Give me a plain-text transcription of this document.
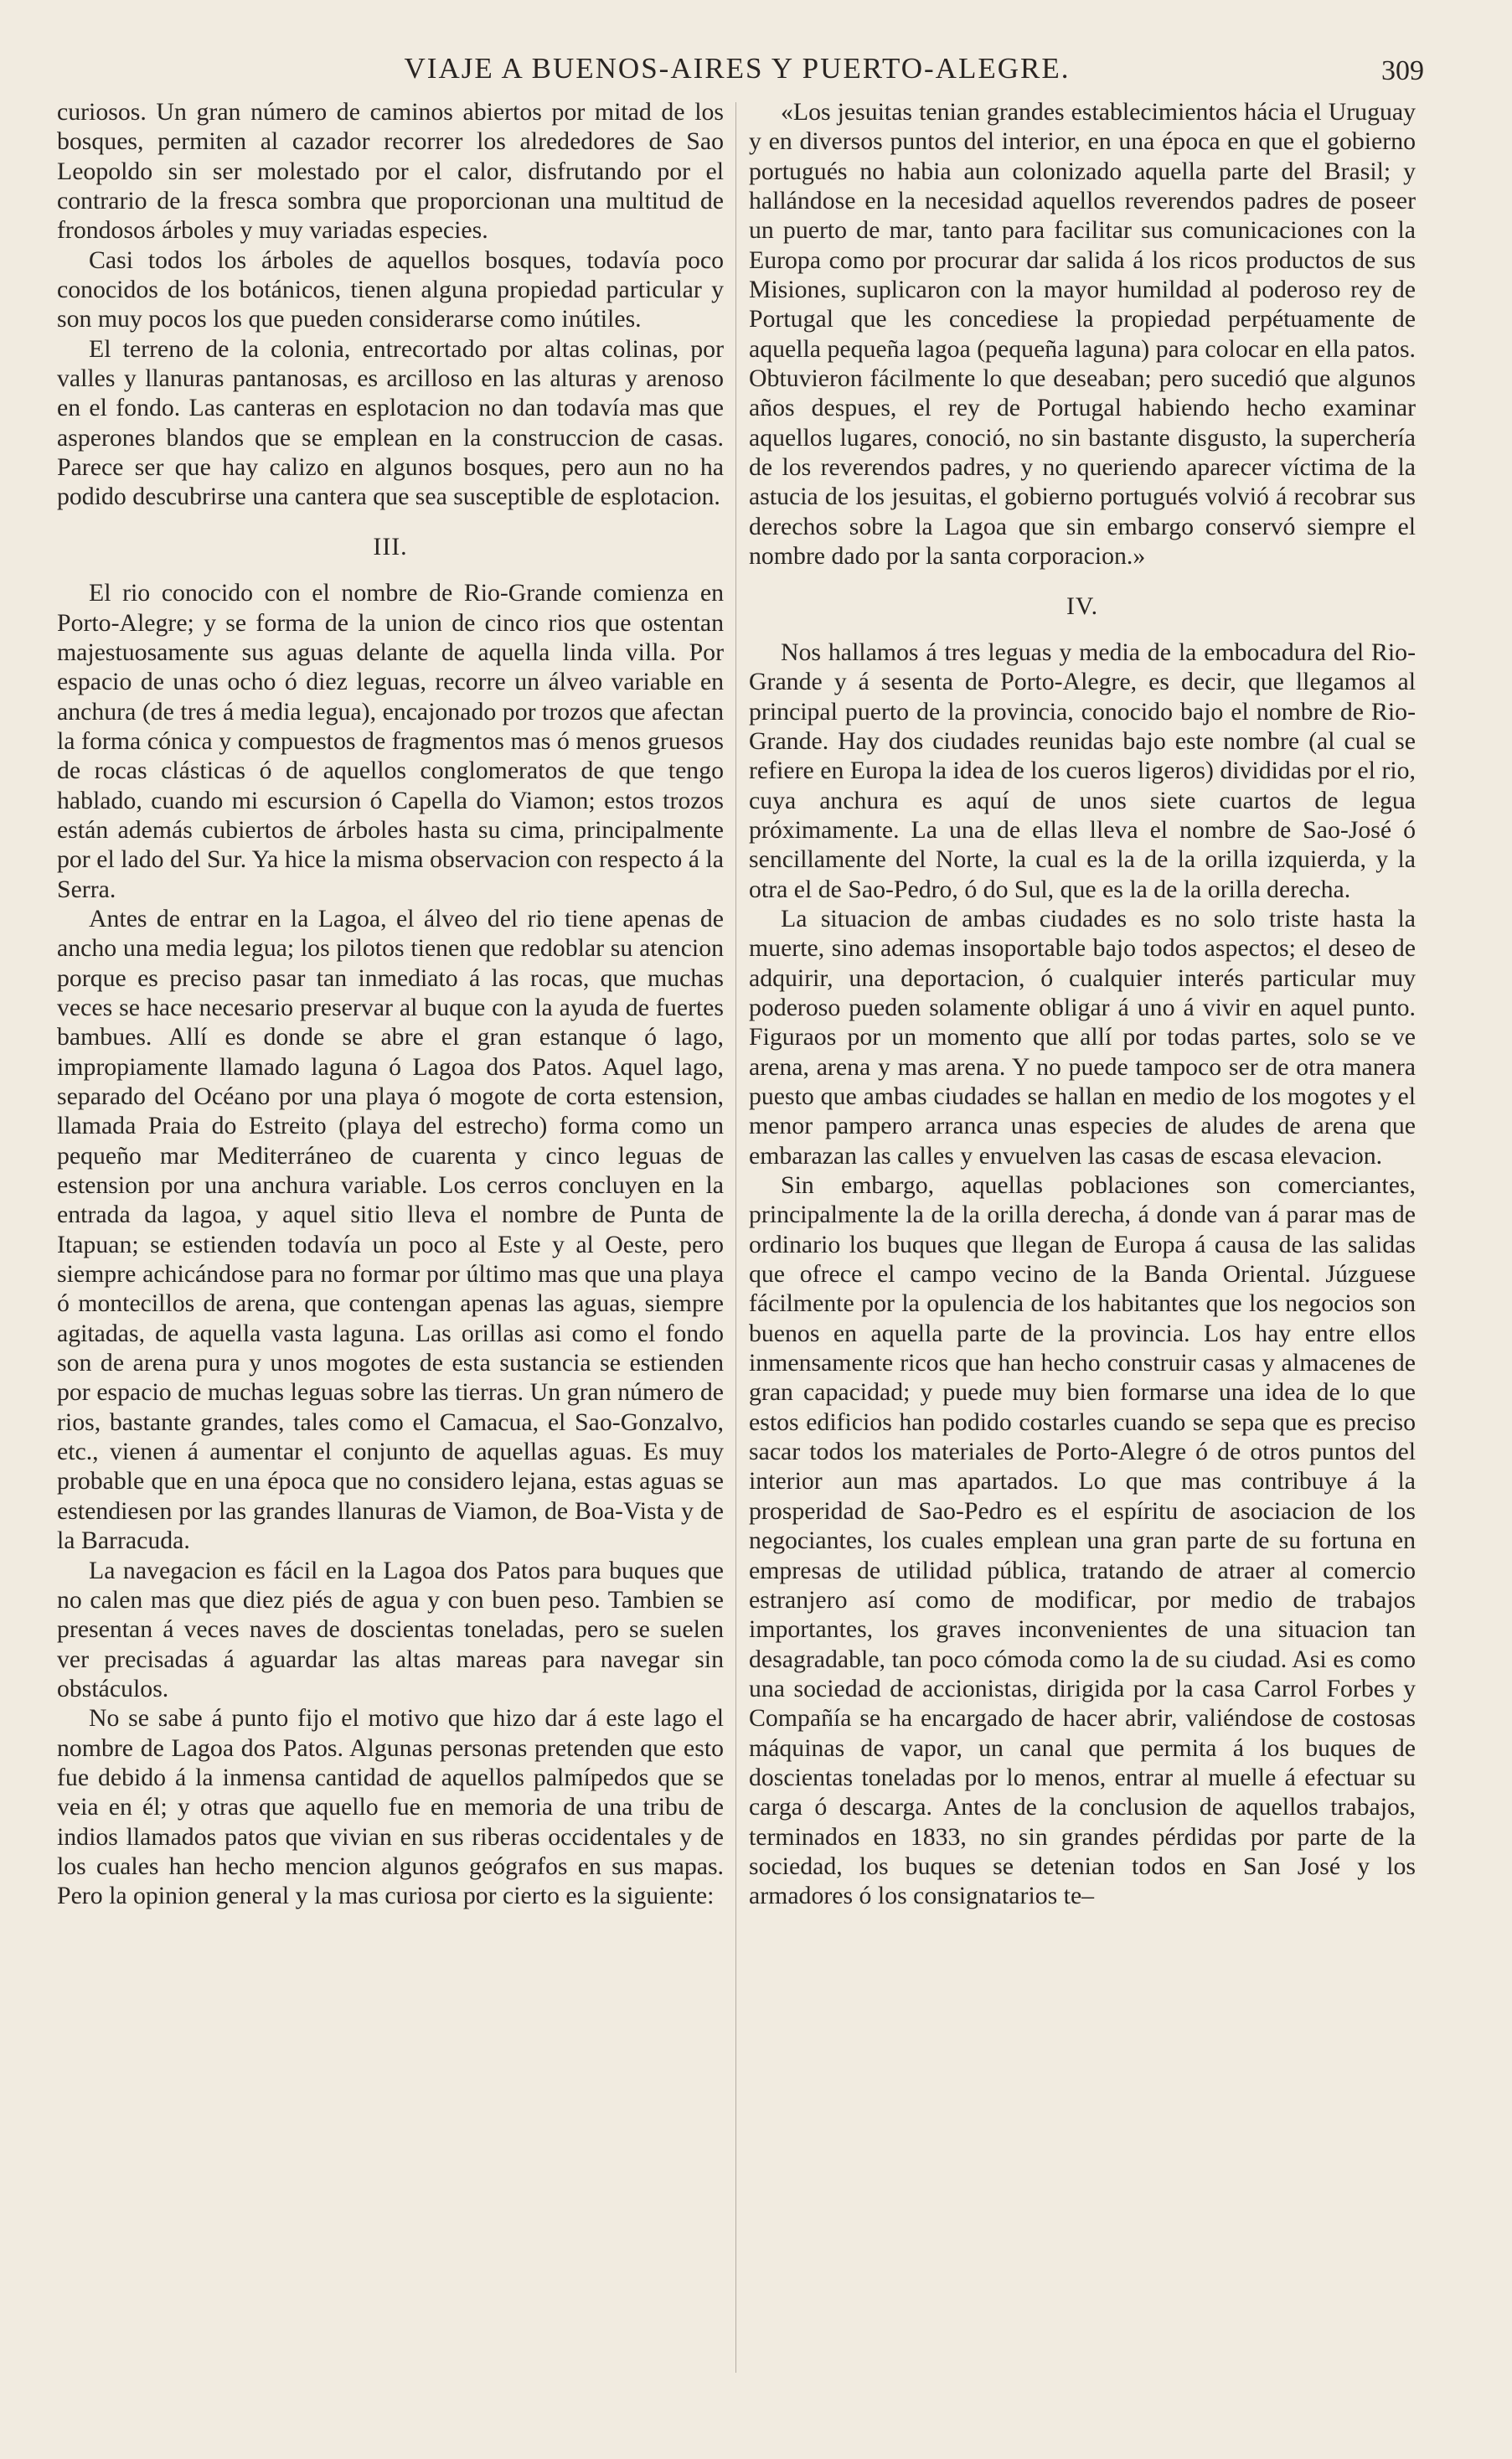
VIAJE A BUENOS-AIRES Y PUERTO-ALEGRE.	309

curiosos. Un gran número de caminos abiertos por mitad de los bosques, permiten al cazador recorrer los alrededores de Sao Leopoldo sin ser molestado por el calor, disfrutando por el contrario de la fresca sombra que proporcionan una multitud de frondosos árboles y muy variadas especies.

Casi todos los árboles de aquellos bosques, todavía poco conocidos de los botánicos, tienen alguna propiedad particular y son muy pocos los que pueden considerarse como inútiles.

El terreno de la colonia, entrecortado por altas colinas, por valles y llanuras pantanosas, es arcilloso en las alturas y arenoso en el fondo. Las canteras en esplotacion no dan todavía mas que asperones blandos que se emplean en la construccion de casas. Parece ser que hay calizo en algunos bosques, pero aun no ha podido descubrirse una cantera que sea susceptible de esplotacion.

III.

El rio conocido con el nombre de Rio-Grande comienza en Porto-Alegre; y se forma de la union de cinco rios que ostentan majestuosamente sus aguas delante de aquella linda villa. Por espacio de unas ocho ó diez leguas, recorre un álveo variable en anchura (de tres á media legua), encajonado por trozos que afectan la forma cónica y compuestos de fragmentos mas ó menos gruesos de rocas clásticas ó de aquellos conglomeratos de que tengo hablado, cuando mi escursion ó Capella do Viamon; estos trozos están además cubiertos de árboles hasta su cima, principalmente por el lado del Sur. Ya hice la misma observacion con respecto á la Serra.

Antes de entrar en la Lagoa, el álveo del rio tiene apenas de ancho una media legua; los pilotos tienen que redoblar su atencion porque es preciso pasar tan inmediato á las rocas, que muchas veces se hace necesario preservar al buque con la ayuda de fuertes bambues. Allí es donde se abre el gran estanque ó lago, impropiamente llamado laguna ó Lagoa dos Patos. Aquel lago, separado del Océano por una playa ó mogote de corta estension, llamada Praia do Estreito (playa del estrecho) forma como un pequeño mar Mediterráneo de cuarenta y cinco leguas de estension por una anchura variable. Los cerros concluyen en la entrada da lagoa, y aquel sitio lleva el nombre de Punta de Itapuan; se estienden todavía un poco al Este y al Oeste, pero siempre achicándose para no formar por último mas que una playa ó montecillos de arena, que contengan apenas las aguas, siempre agitadas, de aquella vasta laguna. Las orillas asi como el fondo son de arena pura y unos mogotes de esta sustancia se estienden por espacio de muchas leguas sobre las tierras. Un gran número de rios, bastante grandes, tales como el Camacua, el Sao-Gonzalvo, etc., vienen á aumentar el conjunto de aquellas aguas. Es muy probable que en una época que no considero lejana, estas aguas se estendiesen por las grandes llanuras de Viamon, de Boa-Vista y de la Barracuda.

La navegacion es fácil en la Lagoa dos Patos para buques que no calen mas que diez piés de agua y con buen peso. Tambien se presentan á veces naves de doscientas toneladas, pero se suelen ver precisadas á aguardar las altas mareas para navegar sin obstáculos.

No se sabe á punto fijo el motivo que hizo dar á este lago el nombre de Lagoa dos Patos. Algunas personas pretenden que esto fue debido á la inmensa cantidad de aquellos palmípedos que se veia en él; y otras que aquello fue en memoria de una tribu de indios llamados patos que vivian en sus riberas occidentales y de los cuales han hecho mencion algunos geógrafos en sus mapas. Pero la opinion general y la mas curiosa por cierto es la siguiente:

«Los jesuitas tenian grandes establecimientos hácia el Uruguay y en diversos puntos del interior, en una época en que el gobierno portugués no habia aun colonizado aquella parte del Brasil; y hallándose en la necesidad aquellos reverendos padres de poseer un puerto de mar, tanto para facilitar sus comunicaciones con la Europa como por procurar dar salida á los ricos productos de sus Misiones, suplicaron con la mayor humildad al poderoso rey de Portugal que les concediese la propiedad perpétuamente de aquella pequeña lagoa (pequeña laguna) para colocar en ella patos. Obtuvieron fácilmente lo que deseaban; pero sucedió que algunos años despues, el rey de Portugal habiendo hecho examinar aquellos lugares, conoció, no sin bastante disgusto, la superchería de los reverendos padres, y no queriendo aparecer víctima de la astucia de los jesuitas, el gobierno portugués volvió á recobrar sus derechos sobre la Lagoa que sin embargo conservó siempre el nombre dado por la santa corporacion.»

IV.

Nos hallamos á tres leguas y media de la embocadura del Rio-Grande y á sesenta de Porto-Alegre, es decir, que llegamos al principal puerto de la provincia, conocido bajo el nombre de Rio-Grande. Hay dos ciudades reunidas bajo este nombre (al cual se refiere en Europa la idea de los cueros ligeros) divididas por el rio, cuya anchura es aquí de unos siete cuartos de legua próximamente. La una de ellas lleva el nombre de Sao-José ó sencillamente del Norte, la cual es la de la orilla izquierda, y la otra el de Sao-Pedro, ó do Sul, que es la de la orilla derecha.

La situacion de ambas ciudades es no solo triste hasta la muerte, sino ademas insoportable bajo todos aspectos; el deseo de adquirir, una deportacion, ó cualquier interés particular muy poderoso pueden solamente obligar á uno á vivir en aquel punto. Figuraos por un momento que allí por todas partes, solo se ve arena, arena y mas arena. Y no puede tampoco ser de otra manera puesto que ambas ciudades se hallan en medio de los mogotes y el menor pampero arranca unas especies de aludes de arena que embarazan las calles y envuelven las casas de escasa elevacion.

Sin embargo, aquellas poblaciones son comerciantes, principalmente la de la orilla derecha, á donde van á parar mas de ordinario los buques que llegan de Europa á causa de las salidas que ofrece el campo vecino de la Banda Oriental. Júzguese fácilmente por la opulencia de los habitantes que los negocios son buenos en aquella parte de la provincia. Los hay entre ellos inmensamente ricos que han hecho construir casas y almacenes de gran capacidad; y puede muy bien formarse una idea de lo que estos edificios han podido costarles cuando se sepa que es preciso sacar todos los materiales de Porto-Alegre ó de otros puntos del interior aun mas apartados. Lo que mas contribuye á la prosperidad de Sao-Pedro es el espíritu de asociacion de los negociantes, los cuales emplean una gran parte de su fortuna en empresas de utilidad pública, tratando de atraer al comercio estranjero así como de modificar, por medio de trabajos importantes, los graves inconvenientes de una situacion tan desagradable, tan poco cómoda como la de su ciudad. Asi es como una sociedad de accionistas, dirigida por la casa Carrol Forbes y Compañía se ha encargado de hacer abrir, valiéndose de costosas máquinas de vapor, un canal que permita á los buques de doscientas toneladas por lo menos, entrar al muelle á efectuar su carga ó descarga. Antes de la conclusion de aquellos trabajos, terminados en 1833, no sin grandes pérdidas por parte de la sociedad, los buques se detenian todos en San José y los armadores ó los consignatarios te–
